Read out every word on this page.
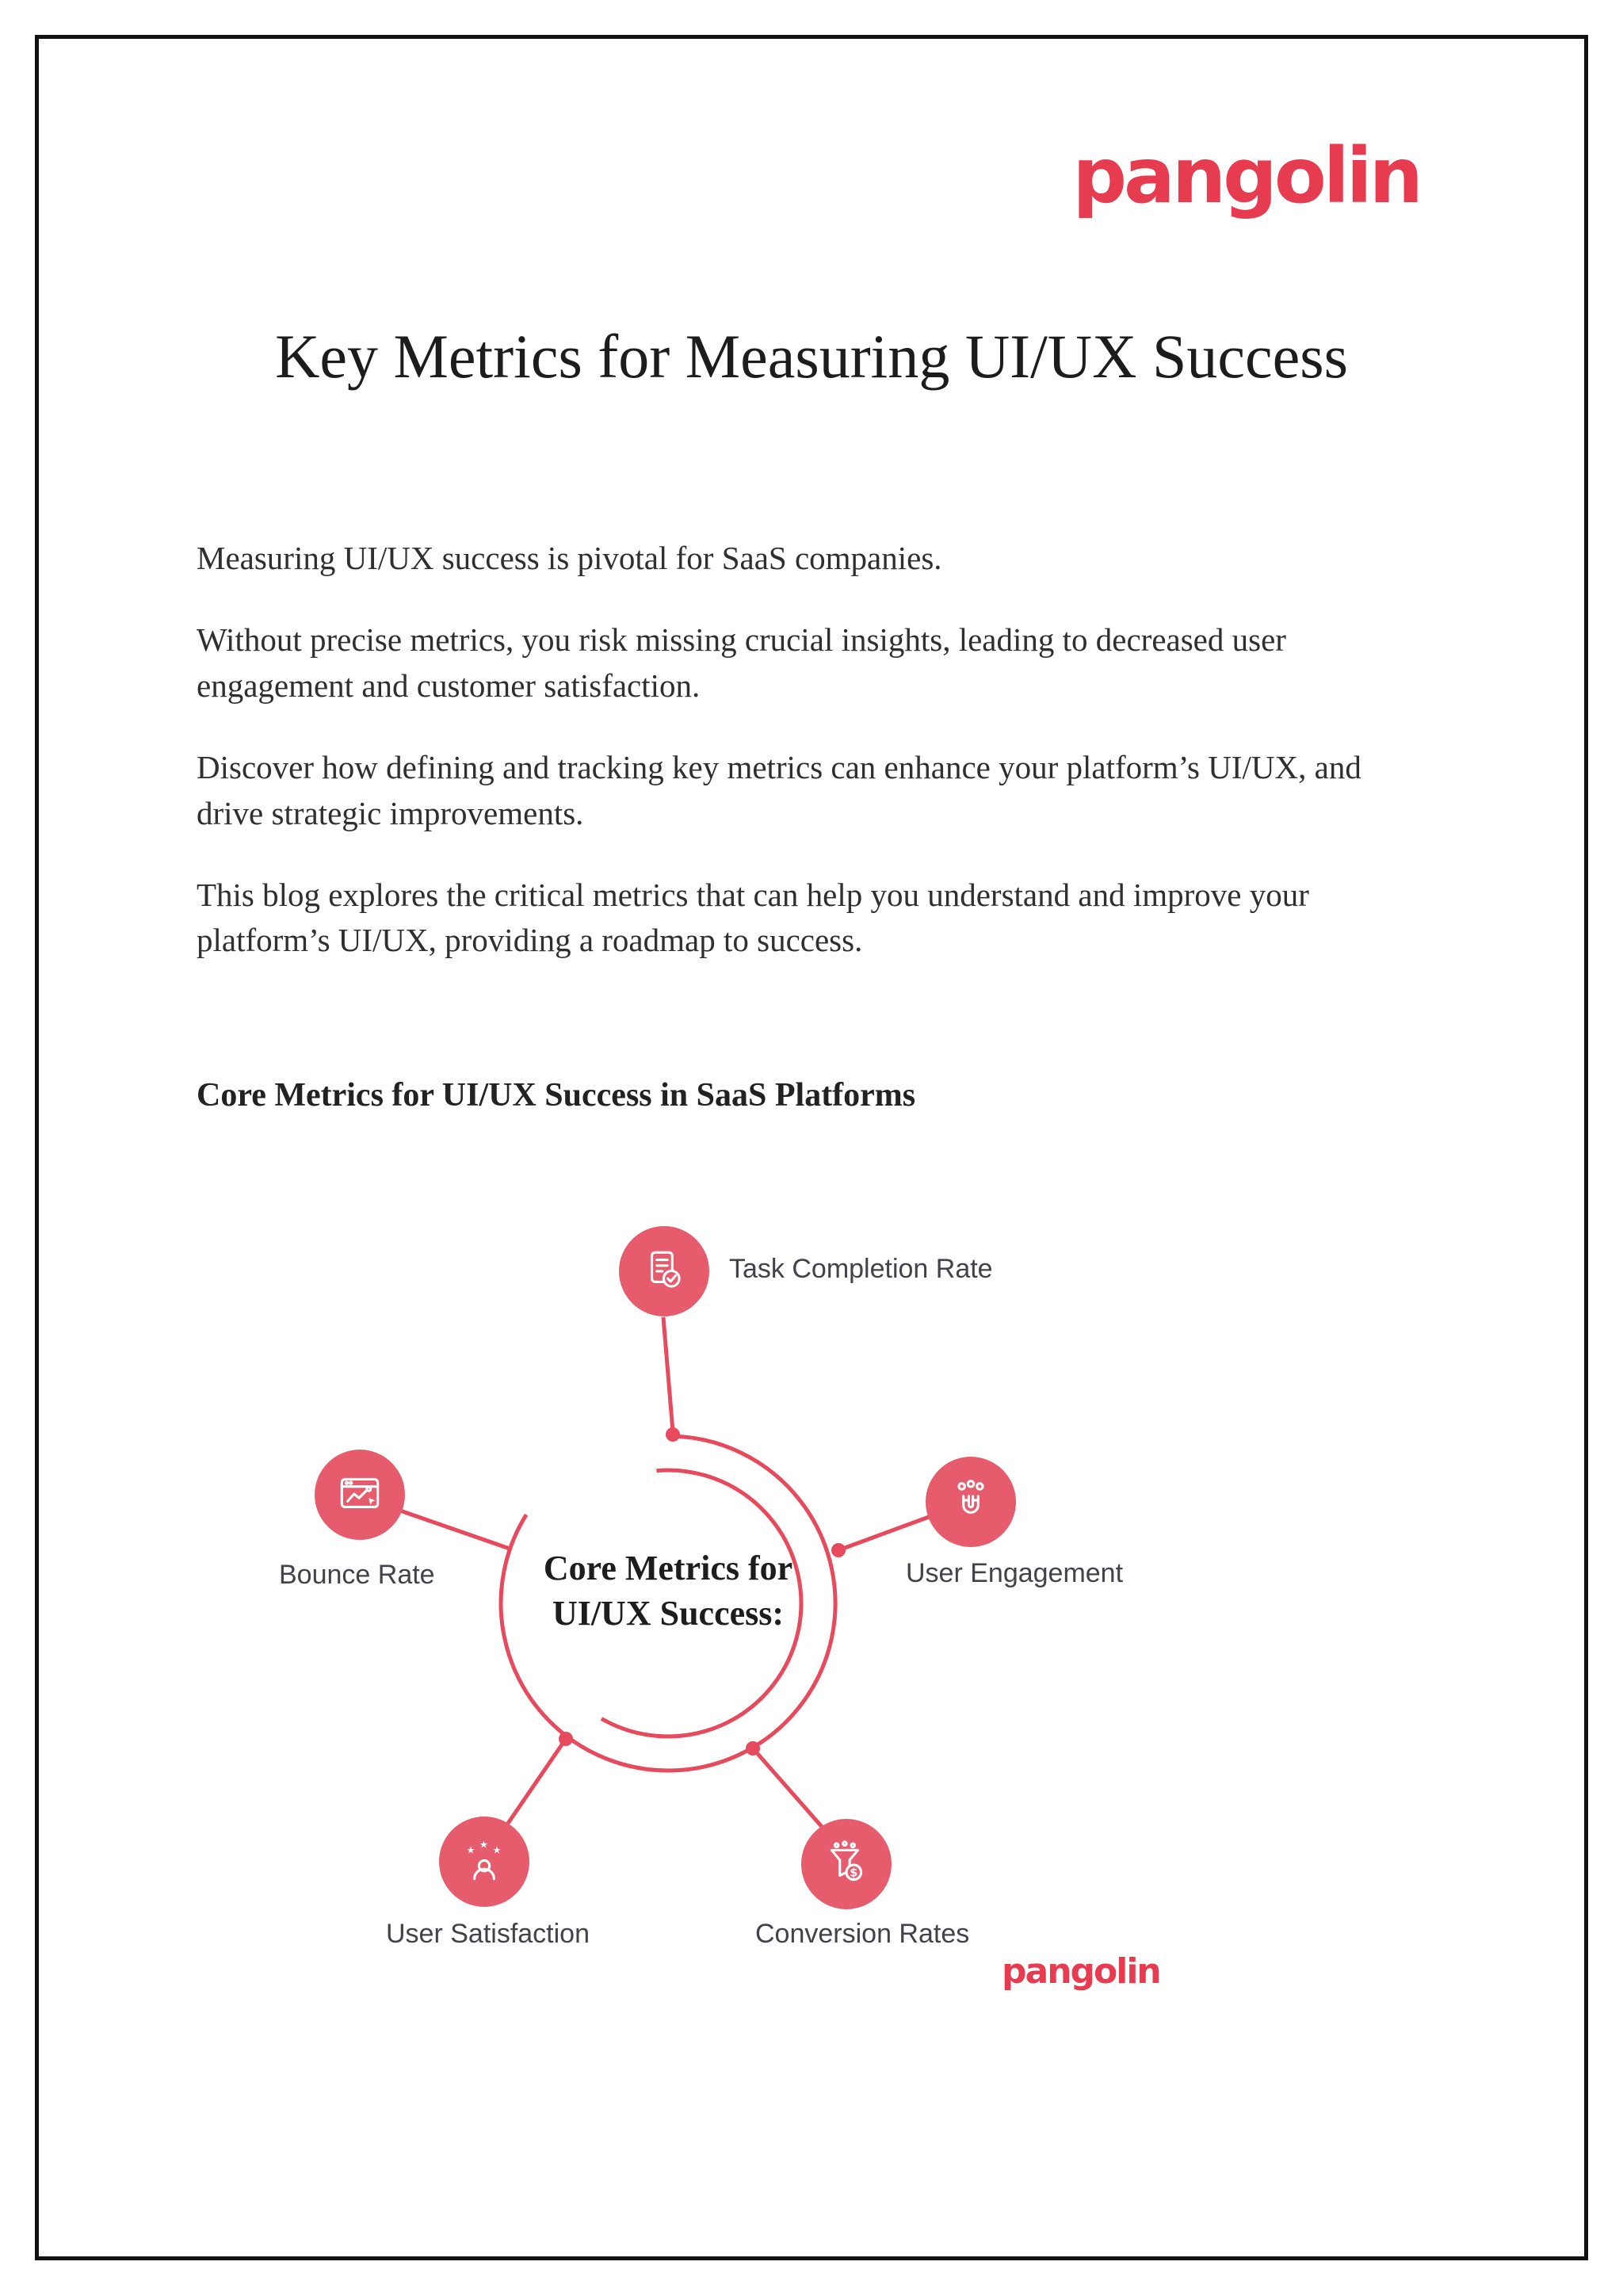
pangolin
Key Metrics for Measuring UI/UX Success

Measuring UI/UX success is pivotal for SaaS companies.

Without precise metrics, you risk missing crucial insights, leading to decreased user engagement and customer satisfaction.

Discover how defining and tracking key metrics can enhance your platform’s UI/UX, and drive strategic improvements.

This blog explores the critical metrics that can help you understand and improve your platform’s UI/UX, providing a roadmap to success.

Core Metrics for UI/UX Success in SaaS Platforms
Core Metrics for UI/UX Success:
★
★
★
$
Task Completion Rate
User Engagement
Bounce Rate
User Satisfaction	Conversion Rates
pangolin
